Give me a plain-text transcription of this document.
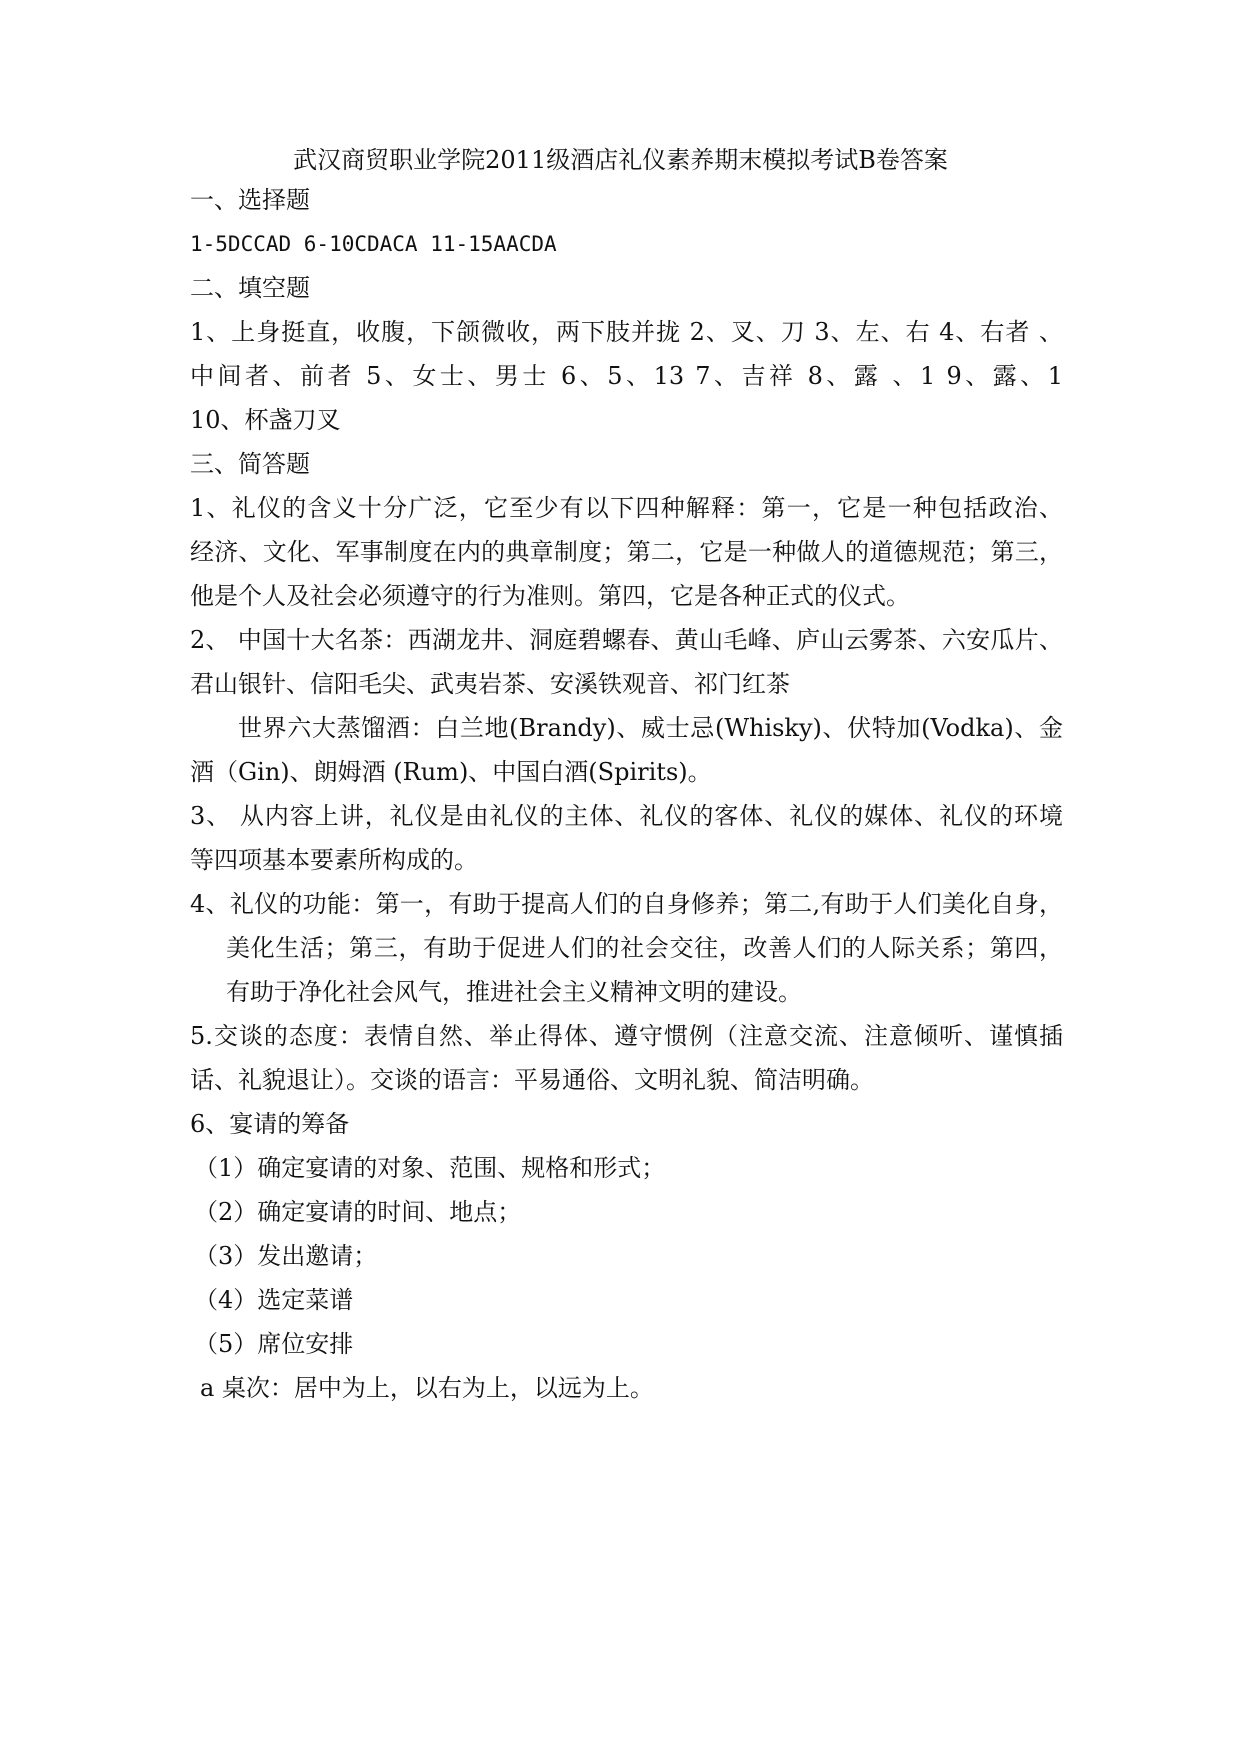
武汉商贸职业学院2011级酒店礼仪素养期末模拟考试B卷答案
一、选择题
1-5DCCAD 6-10CDACA 11-15AACDA
二、填空题
1、上身挺直，收腹，下颌微收，两下肢并拢 2、叉、刀 3、左、右 4、右者 、
中间者、前者 5、女士、男士 6、5、13 7、吉祥 8、露 、1 9、露、1
10、杯盏刀叉
三、简答题
1、礼仪的含义十分广泛，它至少有以下四种解释：第一，它是一种包括政治、
经济、文化、军事制度在内的典章制度；第二，它是一种做人的道德规范；第三，
他是个人及社会必须遵守的行为准则。第四，它是各种正式的仪式。
2、 中国十大名茶：西湖龙井、洞庭碧螺春、黄山毛峰、庐山云雾茶、六安瓜片、
君山银针、信阳毛尖、武夷岩茶、安溪铁观音、祁门红茶
世界六大蒸馏酒：白兰地(Brandy)、威士忌(Whisky)、伏特加(Vodka)、金
酒（Gin)、朗姆酒 (Rum)、中国白酒(Spirits)。
3、 从内容上讲，礼仪是由礼仪的主体、礼仪的客体、礼仪的媒体、礼仪的环境
等四项基本要素所构成的。
4、礼仪的功能：第一，有助于提高人们的自身修养；第二,有助于人们美化自身，
美化生活；第三，有助于促进人们的社会交往，改善人们的人际关系；第四，
有助于净化社会风气，推进社会主义精神文明的建设。
5.交谈的态度：表情自然、举止得体、遵守惯例（注意交流、注意倾听、谨慎插
话、礼貌退让）。交谈的语言：平易通俗、文明礼貌、简洁明确。
6、宴请的筹备
（1）确定宴请的对象、范围、规格和形式；
（2）确定宴请的时间、地点；
（3）发出邀请；
（4）选定菜谱
（5）席位安排
a 桌次：居中为上，以右为上，以远为上。
